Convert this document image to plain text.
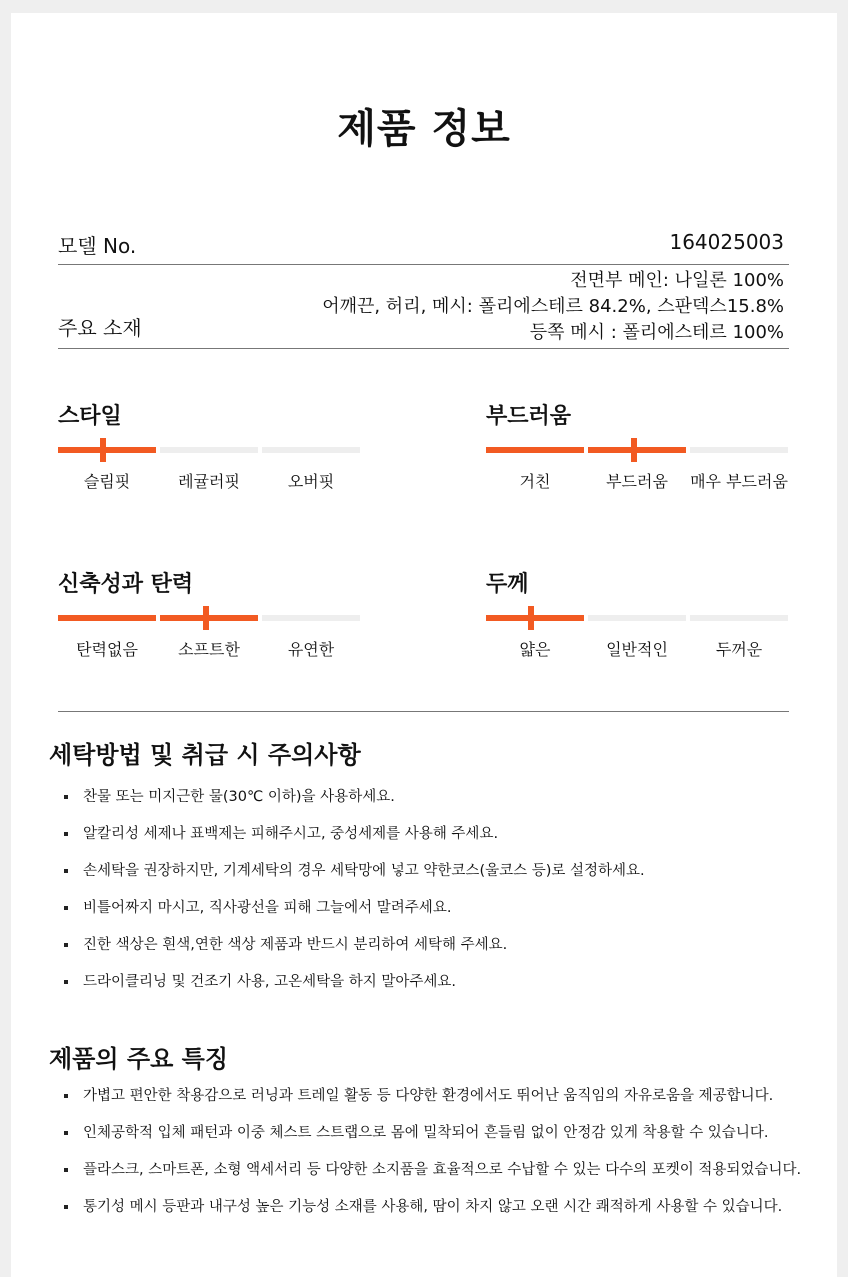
제품 정보
모델 No.	164025003
주요 소재
전면부 메인: 나일론 100%
어깨끈, 허리, 메시: 폴리에스테르 84.2%, 스판덱스15.8%
등쪽 메시 : 폴리에스테르 100%
스타일
슬림핏	레귤러핏	오버핏
부드러움
거친	부드러움	매우 부드러움
신축성과 탄력
탄력없음	소프트한	유연한
두께
얇은	일반적인	두꺼운
세탁방법 및 취급 시 주의사항
찬물 또는 미지근한 물(30℃ 이하)을 사용하세요.
알칼리성 세제나 표백제는 피해주시고, 중성세제를 사용해 주세요.
손세탁을 권장하지만, 기계세탁의 경우 세탁망에 넣고 약한코스(울코스 등)로 설정하세요.
비틀어짜지 마시고, 직사광선을 피해 그늘에서 말려주세요.
진한 색상은 흰색,연한 색상 제품과 반드시 분리하여 세탁해 주세요.
드라이클리닝 및 건조기 사용, 고온세탁을 하지 말아주세요.
제품의 주요 특징
가볍고 편안한 착용감으로 러닝과 트레일 활동 등 다양한 환경에서도 뛰어난 움직임의 자유로움을 제공합니다.
인체공학적 입체 패턴과 이중 체스트 스트랩으로 몸에 밀착되어 흔들림 없이 안정감 있게 착용할 수 있습니다.
플라스크, 스마트폰, 소형 액세서리 등 다양한 소지품을 효율적으로 수납할 수 있는 다수의 포켓이 적용되었습니다.
통기성 메시 등판과 내구성 높은 기능성 소재를 사용해, 땀이 차지 않고 오랜 시간 쾌적하게 사용할 수 있습니다.
